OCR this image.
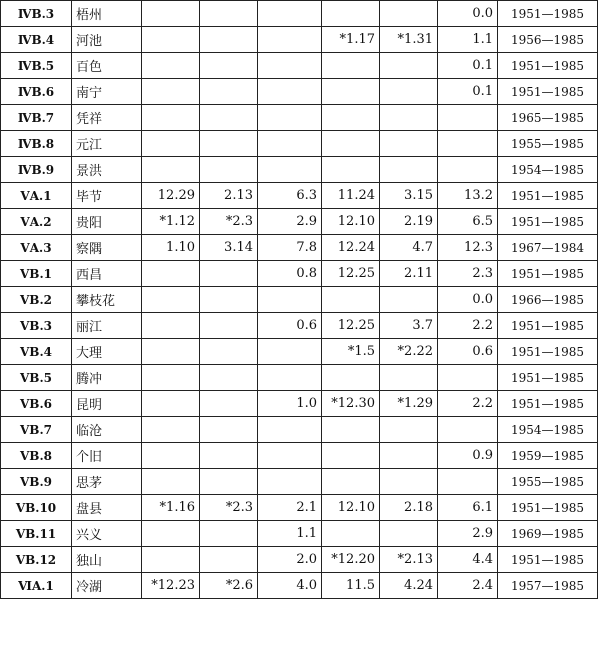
ⅣB.3	梧州						0.0	1951—1985
ⅣB.4	河池				*1.17	*1.31	1.1	1956—1985
ⅣB.5	百色						0.1	1951—1985
ⅣB.6	南宁						0.1	1951—1985
ⅣB.7	凭祥							1965—1985
ⅣB.8	元江							1955—1985
ⅣB.9	景洪							1954—1985
ⅤA.1	毕节	12.29	2.13	6.3	11.24	3.15	13.2	1951—1985
ⅤA.2	贵阳	*1.12	*2.3	2.9	12.10	2.19	6.5	1951—1985
ⅤA.3	察隅	1.10	3.14	7.8	12.24	4.7	12.3	1967—1984
ⅤB.1	西昌			0.8	12.25	2.11	2.3	1951—1985
ⅤB.2	攀枝花						0.0	1966—1985
ⅤB.3	丽江			0.6	12.25	3.7	2.2	1951—1985
ⅤB.4	大理				*1.5	*2.22	0.6	1951—1985
ⅤB.5	腾冲							1951—1985
ⅤB.6	昆明			1.0	*12.30	*1.29	2.2	1951—1985
ⅤB.7	临沧							1954—1985
ⅤB.8	个旧						0.9	1959—1985
ⅤB.9	思茅							1955—1985
ⅤB.10	盘县	*1.16	*2.3	2.1	12.10	2.18	6.1	1951—1985
ⅤB.11	兴义			1.1			2.9	1969—1985
ⅤB.12	独山			2.0	*12.20	*2.13	4.4	1951—1985
ⅥA.1	冷湖	*12.23	*2.6	4.0	11.5	4.24	2.4	1957—1985
